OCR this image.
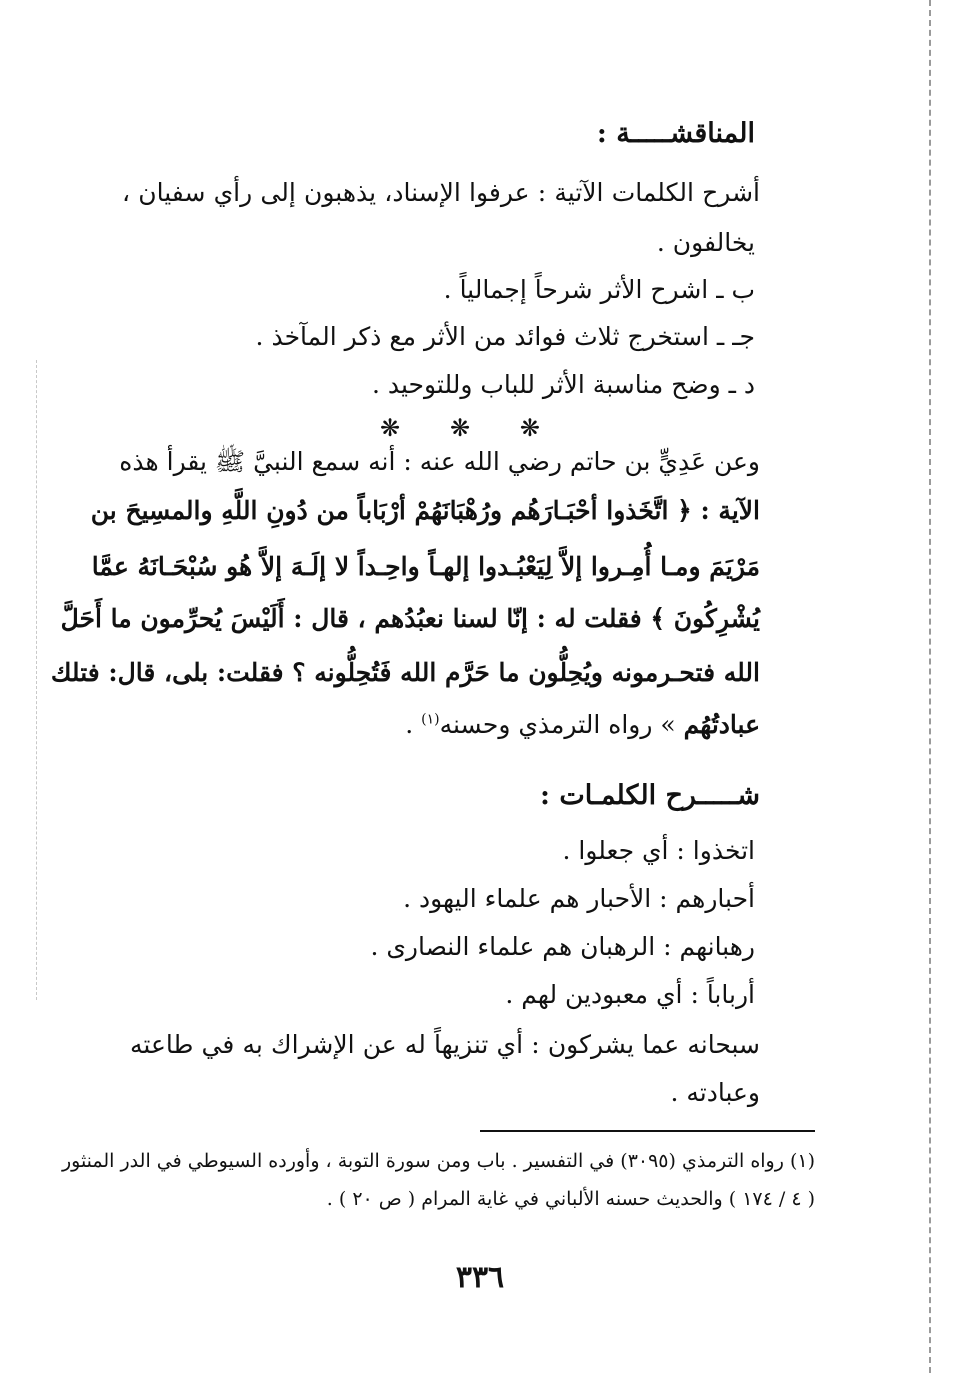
المناقشـــــة :
أشرح الكلمات الآتية : عرفوا الإسناد، يذهبون إلى رأي سفيان ،
يخالفون .
ب ـ اشرح الأثر شرحاً إجمالياً .
جـ ـ استخرج ثلاث فوائد من الأثر مع ذكر المآخذ .
د ـ وضح مناسبة الأثر للباب وللتوحيد .
❋ ❋ ❋
وعن عَدِيٍّ بن حاتم رضي الله عنه : أنه سمع النبيَّ ﷺ يقرأ هذه
الآية : ﴿ اتَّخَذوا أحْبَـارَهُم ورُهْبَانَهُمْ أرْبَاباً من دُونِ اللَّهِ والمسِيحَ بن
مَرْيَمَ ومـا أُمِـروا إلاَّ لِيَعْبُـدوا إلهـاً واحِـداً لا إلَـهَ إلاَّ هُو سُبْحَـانَهُ عمَّا
يُشْرِكُونَ ﴾ فقلت له : إنّا لسنا نعبُدُهم ، قال : أَلَيْسَ يُحرِّمون ما أَحَلَّ
الله فتحـرمونه ويُحِلُّون ما حَرَّم الله فَتُحِلُّونه ؟ فقلت: بلى، قال: فتلك
عبادتُهُم » رواه الترمذي وحسنه$^{(١)}$ .
شـــــرح الكلمـات :
اتخذوا : أي جعلوا .
أحبارهم : الأحبار هم علماء اليهود .
رهبانهم : الرهبان هم علماء النصارى .
أرباباً : أي معبودين لهم .
سبحانه عما يشركون : أي تنزيهاً له عن الإشراك به في طاعته
وعبادته .
(١) رواه الترمذي (٣٠٩٥) في التفسير . باب ومن سورة التوبة ، وأورده السيوطي في الدر المنثور
( ٤ / ١٧٤ ) والحديث حسنه الألباني في غاية المرام ( ص ٢٠ ) .
٣٣٦
